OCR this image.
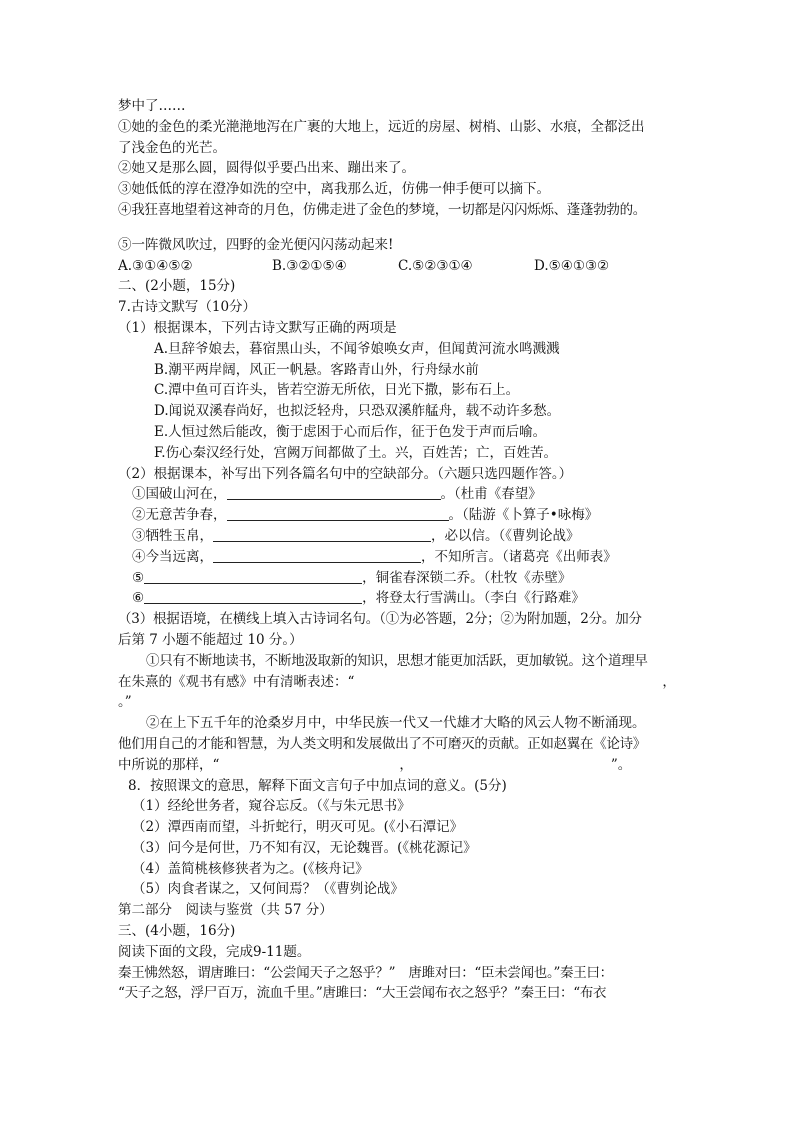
梦中了……
①她的金色的柔光滟滟地泻在广裹的大地上，远近的房屋、树梢、山影、水痕，全都泛出
了浅金色的光芒。
②她又是那么圆，圆得似乎要凸出来、蹦出来了。
③她低低的淳在澄净如洗的空中，离我那么近，仿佛一伸手便可以摘下。
④我狂喜地望着这神奇的月色，仿佛走进了金色的梦境，一切都是闪闪烁烁、蓬蓬勃勃的。
⑤一阵微风吹过，四野的金光便闪闪荡动起来!
A.③①④⑤②	B.③②①⑤④	C.⑤②③①④	D.⑤④①③②
二、(2小题，15分)
7.古诗文默写（10分）
（1）根据课本，下列古诗文默写正确的两项是
A.旦辞爷娘去，暮宿黑山头，不闻爷娘唤女声，但闻黄河流水鸣溅溅
B.潮平两岸阔，风正一帆悬。客路青山外，行舟绿水前
C.潭中鱼可百许头，皆若空游无所依，日光下撒，影布石上。
D.闻说双溪春尚好，也拟泛轻舟，只恐双溪舴艋舟，载不动许多愁。
E.人恒过然后能改，衡于虑困于心而后作，征于色发于声而后喻。
F.伤心秦汉经行处，宫阙万间都做了土。兴，百姓苦；亡，百姓苦。
（2）根据课本，补写出下列各篇名句中的空缺部分。（六题只选四题作答。）
①国破山河在，	。（杜甫《春望》
②无意苦争春，	。（陆游《卜算子•咏梅》
③牺牲玉帛，	，必以信。（《曹刿论战》
④今当远离，	，不知所言。（诸葛亮《出师表》
⑤	，铜雀春深锁二乔。（杜牧《赤壁》
⑥	，将登太行雪满山。（李白《行路难》
（3）根据语境，在横线上填入古诗词名句。（①为必答题，2分；②为附加题，2分。加分
后第 7 小题不能超过 10 分。）
①只有不断地读书，不断地汲取新的知识，思想才能更加活跃，更加敏锐。这个道理早
在朱熹的《观书有感》中有清晰表述：“	，
。”
②在上下五千年的沧桑岁月中，中华民族一代又一代雄才大略的风云人物不断涌现。
他们用自己的才能和智慧，为人类文明和发展做出了不可磨灭的贡献。正如赵翼在《论诗》
中所说的那样，“	，	”。
8．按照课文的意思，解释下面文言句子中加点词的意义。(5分)
（1）经纶世务者，窥谷忘反。（《与朱元思书》
（2）潭西南而望，斗折蛇行，明灭可见。(《小石潭记》
（3）问今是何世，乃不知有汉，无论魏晋。(《桃花源记》
（4）盖简桃核修狭者为之。(《核舟记》
（5）肉食者谋之，又何间焉？（《曹刿论战》
第二部分　阅读与鉴赏（共 57 分）
三、(4小题，16分)
阅读下面的文段，完成9-11题。
秦王怫然怒，谓唐雎曰：“公尝闻天子之怒乎？”　唐雎对曰：“臣未尝闻也。”秦王曰：
“天子之怒，浮尸百万，流血千里。”唐雎曰：“大王尝闻布衣之怒乎？”秦王曰：“布衣
